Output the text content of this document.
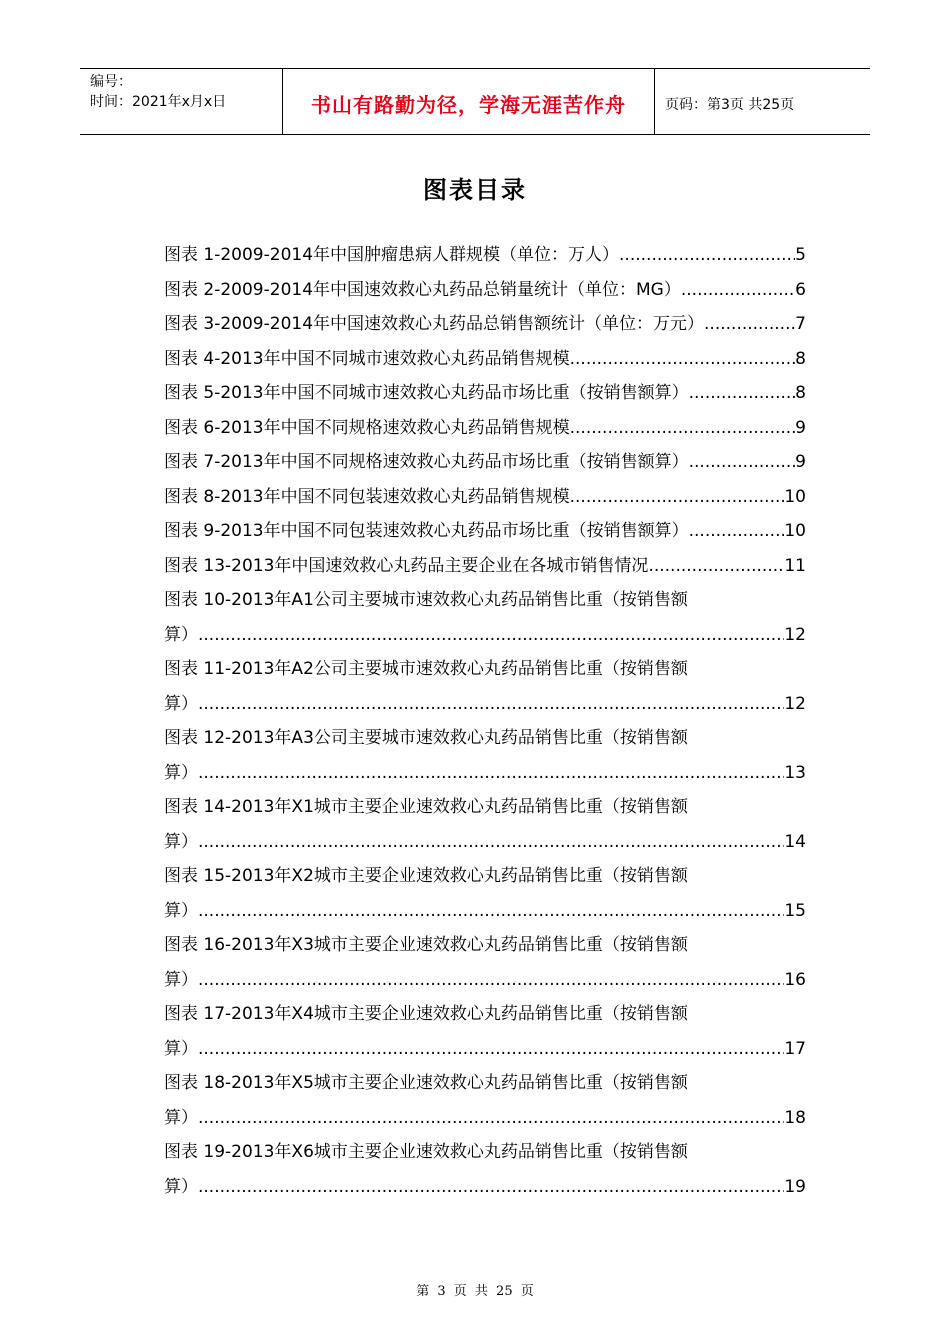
编号：
时间：2021年x月x日	书山有路勤为径，学海无涯苦作舟	页码：第3页 共25页
图表目录
图表 1-2009-2014年中国肿瘤患病人群规模（单位：万人） .....	5
图表 2-2009-2014年中国速效救心丸药品总销量统计（单位：MG） .....	6
图表 3-2009-2014年中国速效救心丸药品总销售额统计（单位：万元） .....	7
图表 4-2013年中国不同城市速效救心丸药品销售规模 .....	8
图表 5-2013年中国不同城市速效救心丸药品市场比重（按销售额算） .....	8
图表 6-2013年中国不同规格速效救心丸药品销售规模 .....	9
图表 7-2013年中国不同规格速效救心丸药品市场比重（按销售额算） .....	9
图表 8-2013年中国不同包装速效救心丸药品销售规模 .....	10
图表 9-2013年中国不同包装速效救心丸药品市场比重（按销售额算） .....	10
图表 13-2013年中国速效救心丸药品主要企业在各城市销售情况 .....	11
图表 10-2013年A1公司主要城市速效救心丸药品销售比重（按销售额
算） .....	12
图表 11-2013年A2公司主要城市速效救心丸药品销售比重（按销售额
算） .....	12
图表 12-2013年A3公司主要城市速效救心丸药品销售比重（按销售额
算） .....	13
图表 14-2013年X1城市主要企业速效救心丸药品销售比重（按销售额
算） .....	14
图表 15-2013年X2城市主要企业速效救心丸药品销售比重（按销售额
算） .....	15
图表 16-2013年X3城市主要企业速效救心丸药品销售比重（按销售额
算） .....	16
图表 17-2013年X4城市主要企业速效救心丸药品销售比重（按销售额
算） .....	17
图表 18-2013年X5城市主要企业速效救心丸药品销售比重（按销售额
算） .....	18
图表 19-2013年X6城市主要企业速效救心丸药品销售比重（按销售额
算） .....	19
第 3 页 共 25 页
